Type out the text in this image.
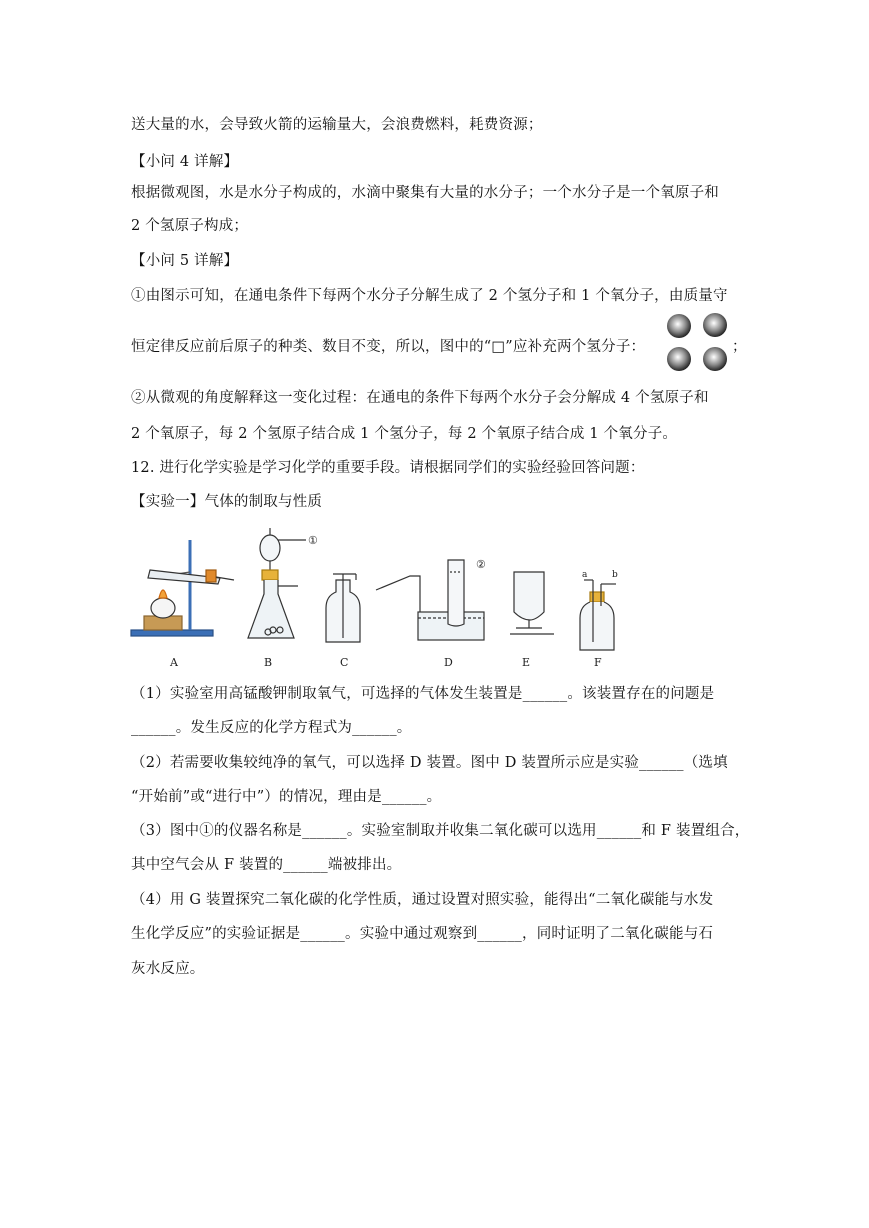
送大量的水，会导致火箭的运输量大，会浪费燃料，耗费资源；
【小问 4 详解】
根据微观图，水是水分子构成的，水滴中聚集有大量的水分子；一个水分子是一个氧原子和
2 个氢原子构成；
【小问 5 详解】
①由图示可知，在通电条件下每两个水分子分解生成了 2 个氢分子和 1 个氧分子，由质量守
恒定律反应前后原子的种类、数目不变，所以，图中的“□”应补充两个氢分子：	；
②从微观的角度解释这一变化过程：在通电的条件下每两个水分子会分解成 4 个氢原子和
2 个氧原子，每 2 个氢原子结合成 1 个氢分子，每 2 个氧原子结合成 1 个氧分子。
12. 进行化学实验是学习化学的重要手段。请根据同学们的实验经验回答问题：
【实验一】气体的制取与性质
A	B	C	D	E	F
①
②
a	b
（1）实验室用高锰酸钾制取氧气，可选择的气体发生装置是______。该装置存在的问题是
______。发生反应的化学方程式为______。
（2）若需要收集较纯净的氧气，可以选择 D 装置。图中 D 装置所示应是实验______（选填
“开始前”或“进行中”）的情况，理由是______。
（3）图中①的仪器名称是______。实验室制取并收集二氧化碳可以选用______和 F 装置组合，
其中空气会从 F 装置的______端被排出。
（4）用 G 装置探究二氧化碳的化学性质，通过设置对照实验，能得出“二氧化碳能与水发
生化学反应”的实验证据是______。实验中通过观察到______，同时证明了二氧化碳能与石
灰水反应。
